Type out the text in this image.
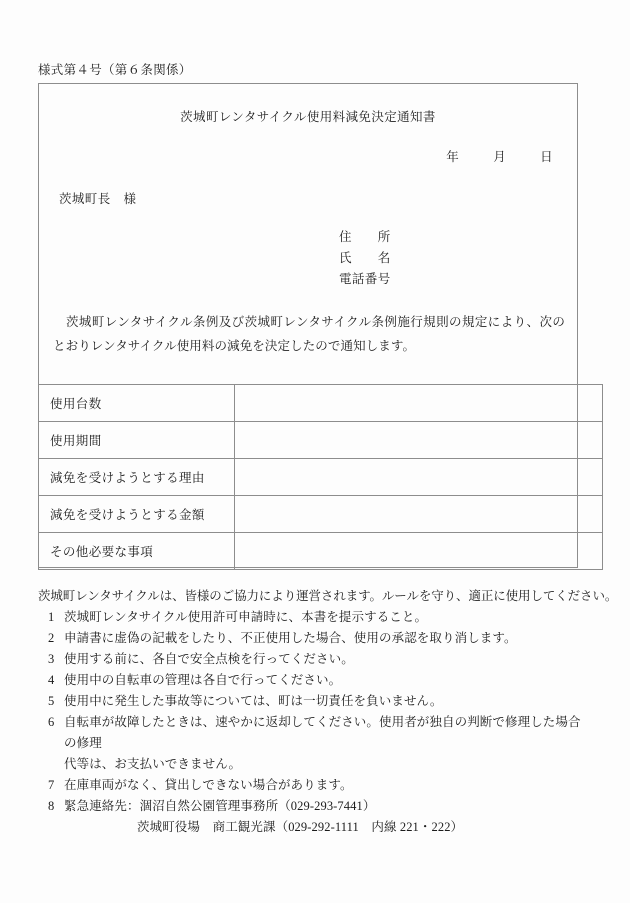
様式第４号（第６条関係）
茨城町レンタサイクル使用料減免決定通知書
年	月	日
茨城町長　様
住　　所
氏　　名
電話番号
茨城町レンタサイクル条例及び茨城町レンタサイクル条例施行規則の規定により、次のとおりレンタサイクル使用料の減免を決定したので通知します。
使用台数	
使用期間	
減免を受けようとする理由	
減免を受けようとする金額	
その他必要な事項	
茨城町レンタサイクルは、皆様のご協力により運営されます。ルールを守り、適正に使用してください。
1 茨城町レンタサイクル使用許可申請時に、本書を提示すること。
2 申請書に虚偽の記載をしたり、不正使用した場合、使用の承認を取り消します。
3 使用する前に、各自で安全点検を行ってください。
4 使用中の自転車の管理は各自で行ってください。
5 使用中に発生した事故等については、町は一切責任を負いません。
6 自転車が故障したときは、速やかに返却してください。使用者が独自の判断で修理した場合の修理
代等は、お支払いできません。
7 在庫車両がなく、貸出しできない場合があります。
8 緊急連絡先：涸沼自然公園管理事務所（029-293-7441）
茨城町役場　商工観光課（029-292-1111　内線 221・222）
